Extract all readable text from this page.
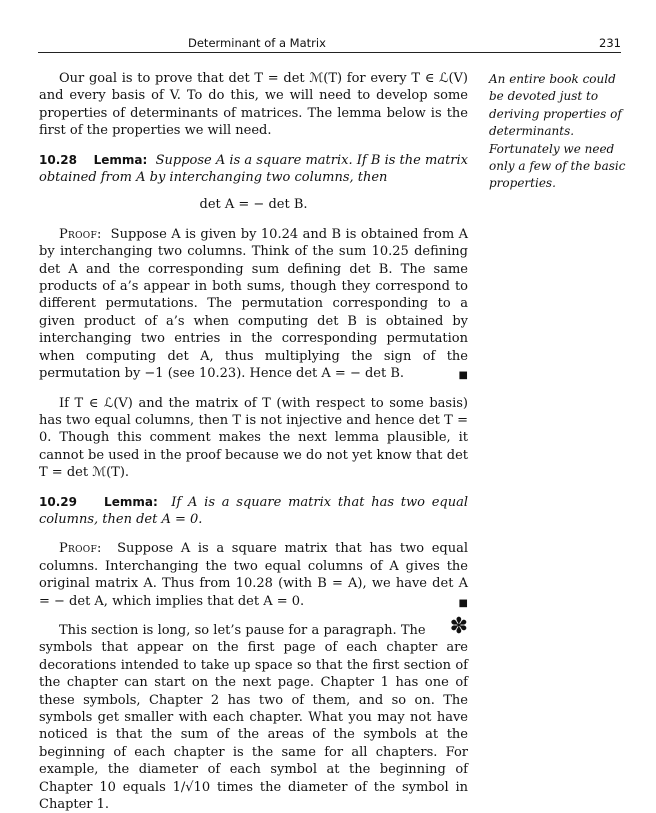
Determinant of a Matrix	231
An entire book could be devoted just to deriving properties of determinants. Fortunately we need only a few of the basic properties.

Our goal is to prove that det T = det ℳ(T) for every T ∈ ℒ(V) and every basis of V. To do this, we will need to develop some properties of determinants of matrices. The lemma below is the first of the properties we will need.

10.28 Lemma: Suppose A is a square matrix. If B is the matrix obtained from A by interchanging two columns, then

det A = − det B.

Proof: Suppose A is given by 10.24 and B is obtained from A by interchanging two columns. Think of the sum 10.25 defining det A and the corresponding sum defining det B. The same products of a’s appear in both sums, though they correspond to different permutations. The permutation corresponding to a given product of a’s when computing det B is obtained by interchanging two entries in the corresponding permutation when computing det A, thus multiplying the sign of the permutation by −1 (see 10.23). Hence det A = − det B.	■

If T ∈ ℒ(V) and the matrix of T (with respect to some basis) has two equal columns, then T is not injective and hence det T = 0. Though this comment makes the next lemma plausible, it cannot be used in the proof because we do not yet know that det T = det ℳ(T).

10.29 Lemma: If A is a square matrix that has two equal columns, then det A = 0.

Proof: Suppose A is a square matrix that has two equal columns. Interchanging the two equal columns of A gives the original matrix A. Thus from 10.28 (with B = A), we have det A = − det A, which implies that det A = 0.	■

✽
This section is long, so let’s pause for a paragraph. The symbols that appear on the first page of each chapter are decorations intended to take up space so that the first section of the chapter can start on the next page. Chapter 1 has one of these symbols, Chapter 2 has two of them, and so on. The symbols get smaller with each chapter. What you may not have noticed is that the sum of the areas of the symbols at the beginning of each chapter is the same for all chapters. For example, the diameter of each symbol at the beginning of Chapter 10 equals 1/√10 times the diameter of the symbol in Chapter 1.
